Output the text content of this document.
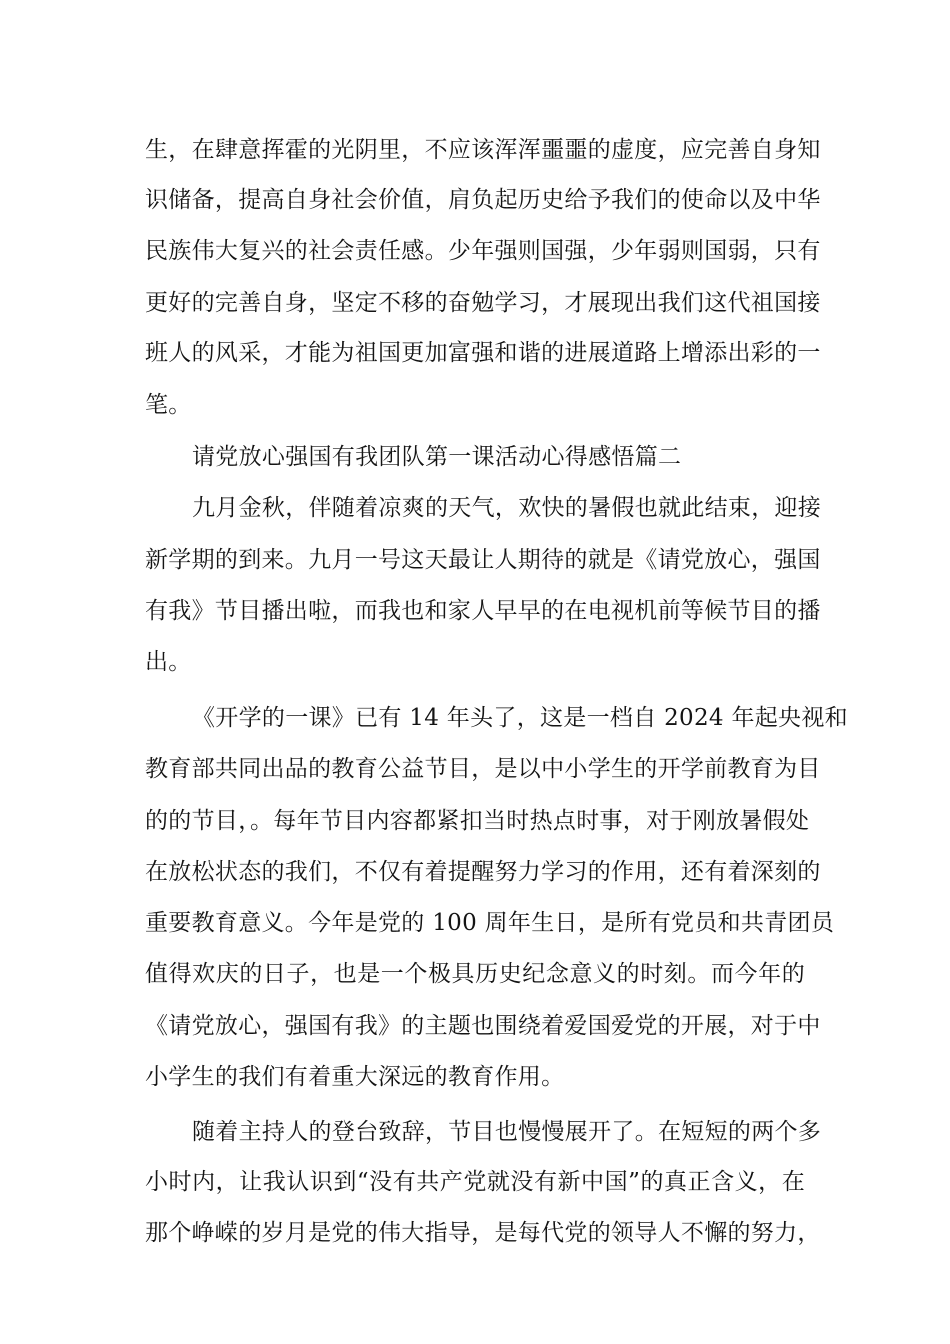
生，在肆意挥霍的光阴里，不应该浑浑噩噩的虚度，应完善自身知
识储备，提高自身社会价值，肩负起历史给予我们的使命以及中华
民族伟大复兴的社会责任感。少年强则国强，少年弱则国弱，只有
更好的完善自身，坚定不移的奋勉学习，才展现出我们这代祖国接
班人的风采，才能为祖国更加富强和谐的进展道路上增添出彩的一
笔。
请党放心强国有我团队第一课活动心得感悟篇二
九月金秋，伴随着凉爽的天气，欢快的暑假也就此结束，迎接
新学期的到来。九月一号这天最让人期待的就是《请党放心，强国
有我》节目播出啦，而我也和家人早早的在电视机前等候节目的播
出。
《开学的一课》已有 14 年头了，这是一档自 2024 年起央视和
教育部共同出品的教育公益节目，是以中小学生的开学前教育为目
的的节目，。每年节目内容都紧扣当时热点时事，对于刚放暑假处
在放松状态的我们，不仅有着提醒努力学习的作用，还有着深刻的
重要教育意义。今年是党的 100 周年生日，是所有党员和共青团员
值得欢庆的日子，也是一个极具历史纪念意义的时刻。而今年的
《请党放心，强国有我》的主题也围绕着爱国爱党的开展，对于中
小学生的我们有着重大深远的教育作用。
随着主持人的登台致辞，节目也慢慢展开了。在短短的两个多
小时内，让我认识到“没有共产党就没有新中国”的真正含义，在
那个峥嵘的岁月是党的伟大指导，是每代党的领导人不懈的努力，
